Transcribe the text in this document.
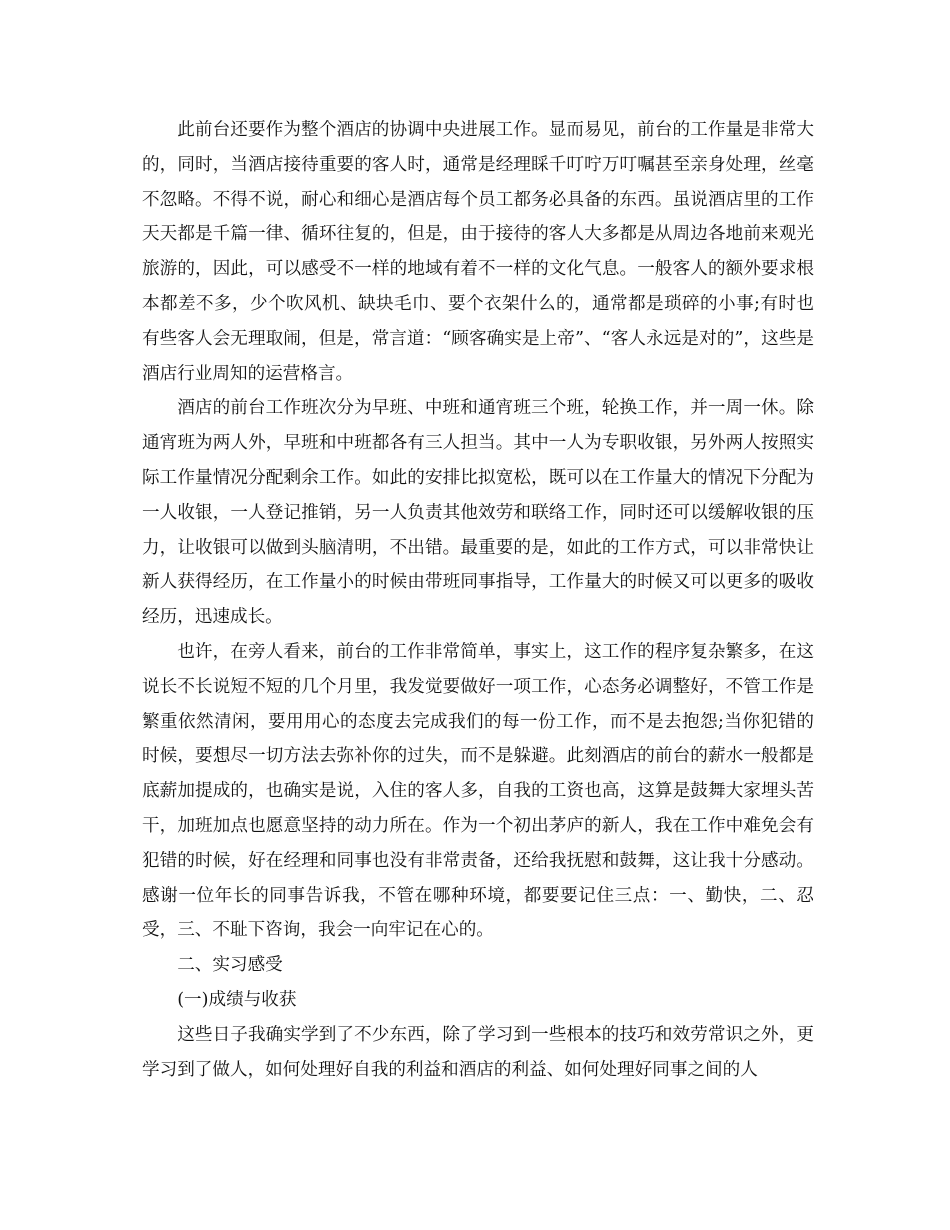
此前台还要作为整个酒店的协调中央进展工作。显而易见，前台的工作量是非常大的，同时，当酒店接待重要的客人时，通常是经理睬千叮咛万叮嘱甚至亲身处理，丝毫不忽略。不得不说，耐心和细心是酒店每个员工都务必具备的东西。虽说酒店里的工作天天都是千篇一律、循环往复的，但是，由于接待的客人大多都是从周边各地前来观光旅游的，因此，可以感受不一样的地域有着不一样的文化气息。一般客人的额外要求根本都差不多，少个吹风机、缺块毛巾、要个衣架什么的，通常都是琐碎的小事;有时也有些客人会无理取闹，但是，常言道：“顾客确实是上帝”、“客人永远是对的”，这些是酒店行业周知的运营格言。

酒店的前台工作班次分为早班、中班和通宵班三个班，轮换工作，并一周一休。除通宵班为两人外，早班和中班都各有三人担当。其中一人为专职收银，另外两人按照实际工作量情况分配剩余工作。如此的安排比拟宽松，既可以在工作量大的情况下分配为一人收银，一人登记推销，另一人负责其他效劳和联络工作，同时还可以缓解收银的压力，让收银可以做到头脑清明，不出错。最重要的是，如此的工作方式，可以非常快让新人获得经历，在工作量小的时候由带班同事指导，工作量大的时候又可以更多的吸收经历，迅速成长。

也许，在旁人看来，前台的工作非常简单，事实上，这工作的程序复杂繁多，在这说长不长说短不短的几个月里，我发觉要做好一项工作，心态务必调整好，不管工作是繁重依然清闲，要用用心的态度去完成我们的每一份工作，而不是去抱怨;当你犯错的时候，要想尽一切方法去弥补你的过失，而不是躲避。此刻酒店的前台的薪水一般都是底薪加提成的，也确实是说，入住的客人多，自我的工资也高，这算是鼓舞大家埋头苦干，加班加点也愿意坚持的动力所在。作为一个初出茅庐的新人，我在工作中难免会有犯错的时候，好在经理和同事也没有非常责备，还给我抚慰和鼓舞，这让我十分感动。感谢一位年长的同事告诉我，不管在哪种环境，都要要记住三点：一、勤快，二、忍受，三、不耻下咨询，我会一向牢记在心的。

二、实习感受

(一)成绩与收获

这些日子我确实学到了不少东西，除了学习到一些根本的技巧和效劳常识之外，更学习到了做人，如何处理好自我的利益和酒店的利益、如何处理好同事之间的人
